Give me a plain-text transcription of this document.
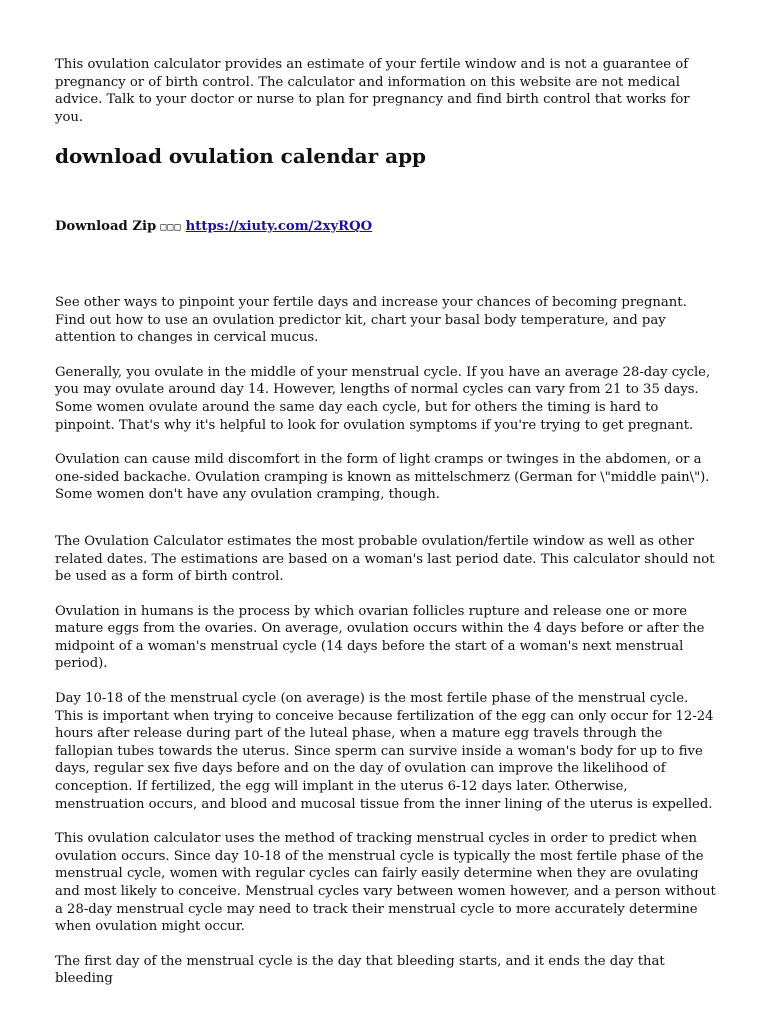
This ovulation calculator provides an estimate of your fertile window and is not a guarantee of pregnancy or of birth control. The calculator and information on this website are not medical advice. Talk to your doctor or nurse to plan for pregnancy and find birth control that works for you.

download ovulation calendar app
Download Zip □□□ https://xiuty.com/2xyRQO

See other ways to pinpoint your fertile days and increase your chances of becoming pregnant. Find out how to use an ovulation predictor kit, chart your basal body temperature, and pay attention to changes in cervical mucus.

Generally, you ovulate in the middle of your menstrual cycle. If you have an average 28-day cycle, you may ovulate around day 14. However, lengths of normal cycles can vary from 21 to 35 days. Some women ovulate around the same day each cycle, but for others the timing is hard to pinpoint. That's why it's helpful to look for ovulation symptoms if you're trying to get pregnant.

Ovulation can cause mild discomfort in the form of light cramps or twinges in the abdomen, or a one-sided backache. Ovulation cramping is known as mittelschmerz (German for \"middle pain\"). Some women don't have any ovulation cramping, though.

The Ovulation Calculator estimates the most probable ovulation/fertile window as well as other related dates. The estimations are based on a woman's last period date. This calculator should not be used as a form of birth control.

Ovulation in humans is the process by which ovarian follicles rupture and release one or more mature eggs from the ovaries. On average, ovulation occurs within the 4 days before or after the midpoint of a woman's menstrual cycle (14 days before the start of a woman's next menstrual period).

Day 10-18 of the menstrual cycle (on average) is the most fertile phase of the menstrual cycle. This is important when trying to conceive because fertilization of the egg can only occur for 12-24 hours after release during part of the luteal phase, when a mature egg travels through the fallopian tubes towards the uterus. Since sperm can survive inside a woman's body for up to five days, regular sex five days before and on the day of ovulation can improve the likelihood of conception. If fertilized, the egg will implant in the uterus 6-12 days later. Otherwise, menstruation occurs, and blood and mucosal tissue from the inner lining of the uterus is expelled.

This ovulation calculator uses the method of tracking menstrual cycles in order to predict when ovulation occurs. Since day 10-18 of the menstrual cycle is typically the most fertile phase of the menstrual cycle, women with regular cycles can fairly easily determine when they are ovulating and most likely to conceive. Menstrual cycles vary between women however, and a person without a 28-day menstrual cycle may need to track their menstrual cycle to more accurately determine when ovulation might occur.

The first day of the menstrual cycle is the day that bleeding starts, and it ends the day that bleeding
